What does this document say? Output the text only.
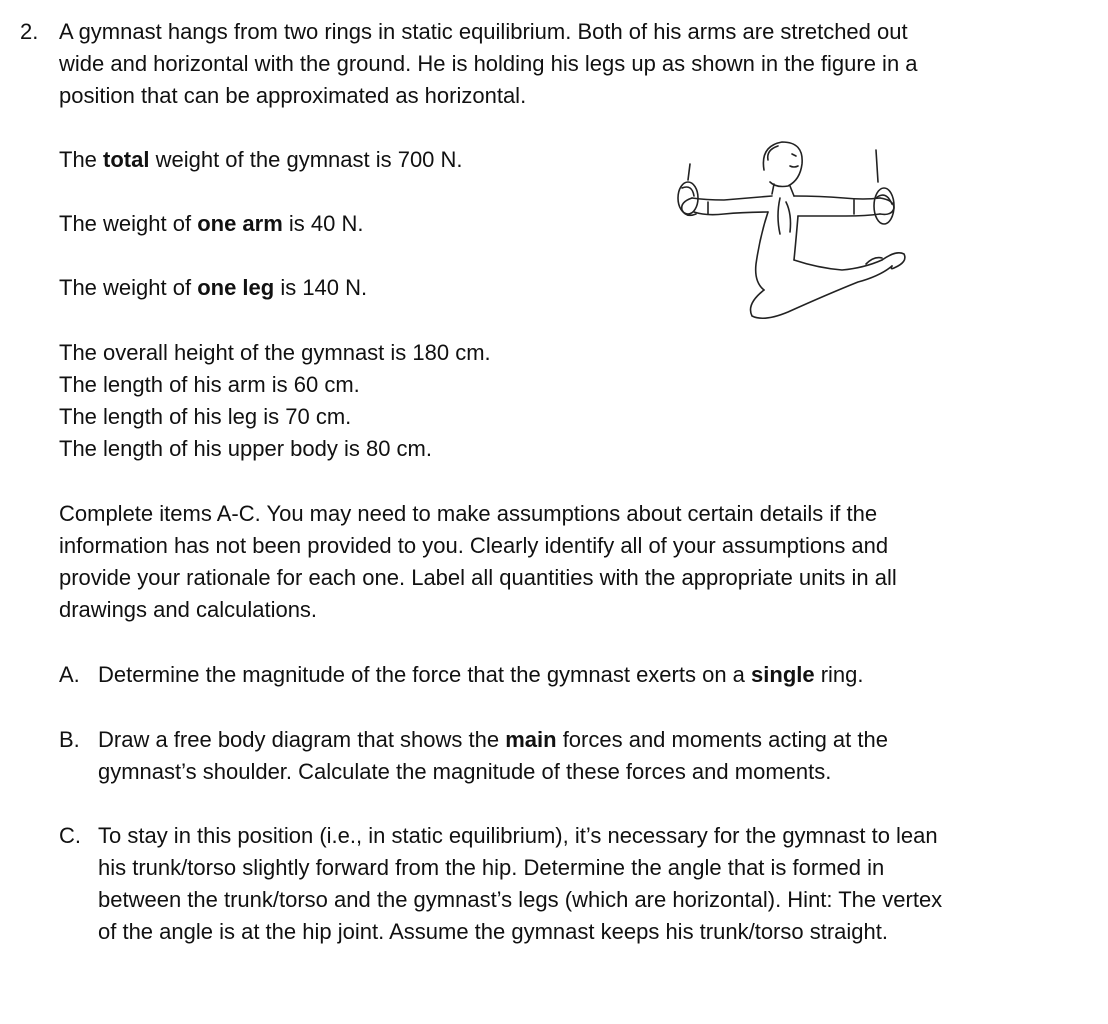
2. A gymnast hangs from two rings in static equilibrium. Both of his arms are stretched out

wide and horizontal with the ground. He is holding his legs up as shown in the figure in a

position that can be approximated as horizontal.

The total weight of the gymnast is 700 N.

The weight of one arm is 40 N.

The weight of one leg is 140 N.

The overall height of the gymnast is 180 cm.

The length of his arm is 60 cm.

The length of his leg is 70 cm.

The length of his upper body is 80 cm.

Complete items A-C. You may need to make assumptions about certain details if the

information has not been provided to you. Clearly identify all of your assumptions and

provide your rationale for each one. Label all quantities with the appropriate units in all

drawings and calculations.

A. Determine the magnitude of the force that the gymnast exerts on a single ring.

B. Draw a free body diagram that shows the main forces and moments acting at the

gymnast’s shoulder. Calculate the magnitude of these forces and moments.

C. To stay in this position (i.e., in static equilibrium), it’s necessary for the gymnast to lean

his trunk/torso slightly forward from the hip. Determine the angle that is formed in

between the trunk/torso and the gymnast’s legs (which are horizontal). Hint: The vertex

of the angle is at the hip joint. Assume the gymnast keeps his trunk/torso straight.
